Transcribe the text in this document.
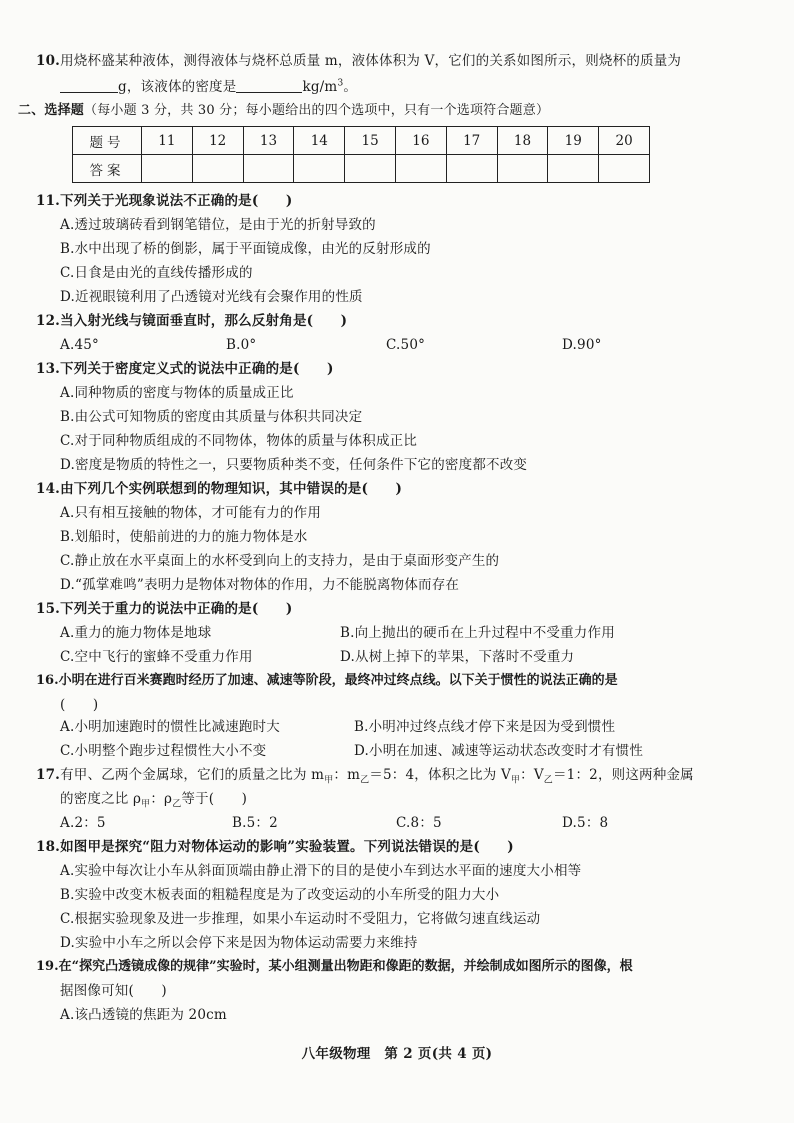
10.用烧杯盛某种液体，测得液体与烧杯总质量 m，液体体积为 V，它们的关系如图所示，则烧杯的质量为
g，该液体的密度是	$kg/m^3$。
二、选择题（每小题 3 分，共 30 分；每小题给出的四个选项中，只有一个选项符合题意）
题号	11	12	13	14	15	16	17	18	19	20
答案										
11.下列关于光现象说法不正确的是(　　)
A.透过玻璃砖看到钢笔错位，是由于光的折射导致的
B.水中出现了桥的倒影，属于平面镜成像，由光的反射形成的
C.日食是由光的直线传播形成的
D.近视眼镜利用了凸透镜对光线有会聚作用的性质
12.当入射光线与镜面垂直时，那么反射角是(　　)
A.45°	B.0°	C.50°	D.90°
13.下列关于密度定义式的说法中正确的是(　　)
A.同种物质的密度与物体的质量成正比
B.由公式可知物质的密度由其质量与体积共同决定
C.对于同种物质组成的不同物体，物体的质量与体积成正比
D.密度是物质的特性之一，只要物质种类不变，任何条件下它的密度都不改变
14.由下列几个实例联想到的物理知识，其中错误的是(　　)
A.只有相互接触的物体，才可能有力的作用
B.划船时，使船前进的力的施力物体是水
C.静止放在水平桌面上的水杯受到向上的支持力，是由于桌面形变产生的
D.“孤掌难鸣”表明力是物体对物体的作用，力不能脱离物体而存在
15.下列关于重力的说法中正确的是(　　)
A.重力的施力物体是地球	B.向上抛出的硬币在上升过程中不受重力作用
C.空中飞行的蜜蜂不受重力作用	D.从树上掉下的苹果，下落时不受重力
16.小明在进行百米赛跑时经历了加速、减速等阶段，最终冲过终点线。以下关于惯性的说法正确的是
(　　)
A.小明加速跑时的惯性比减速跑时大	B.小明冲过终点线才停下来是因为受到惯性
C.小明整个跑步过程惯性大小不变	D.小明在加速、减速等运动状态改变时才有惯性
17.有甲、乙两个金属球，它们的质量之比为 $m_甲$：$m_乙=5$：4，体积之比为 $V_甲$：$V_乙=1$：2，则这两种金属
的密度之比 $\rho_甲$：$\rho_乙$等于(　　)
A.2：5	B.5：2	C.8：5	D.5：8
18.如图甲是探究“阻力对物体运动的影响”实验装置。下列说法错误的是(　　)
A.实验中每次让小车从斜面顶端由静止滑下的目的是使小车到达水平面的速度大小相等
B.实验中改变木板表面的粗糙程度是为了改变运动的小车所受的阻力大小
C.根据实验现象及进一步推理，如果小车运动时不受阻力，它将做匀速直线运动
D.实验中小车之所以会停下来是因为物体运动需要力来维持
19.在“探究凸透镜成像的规律”实验时，某小组测量出物距和像距的数据，并绘制成如图所示的图像，根
据图像可知(　　)
A.该凸透镜的焦距为 20cm
八年级物理　第 2 页(共 4 页)
